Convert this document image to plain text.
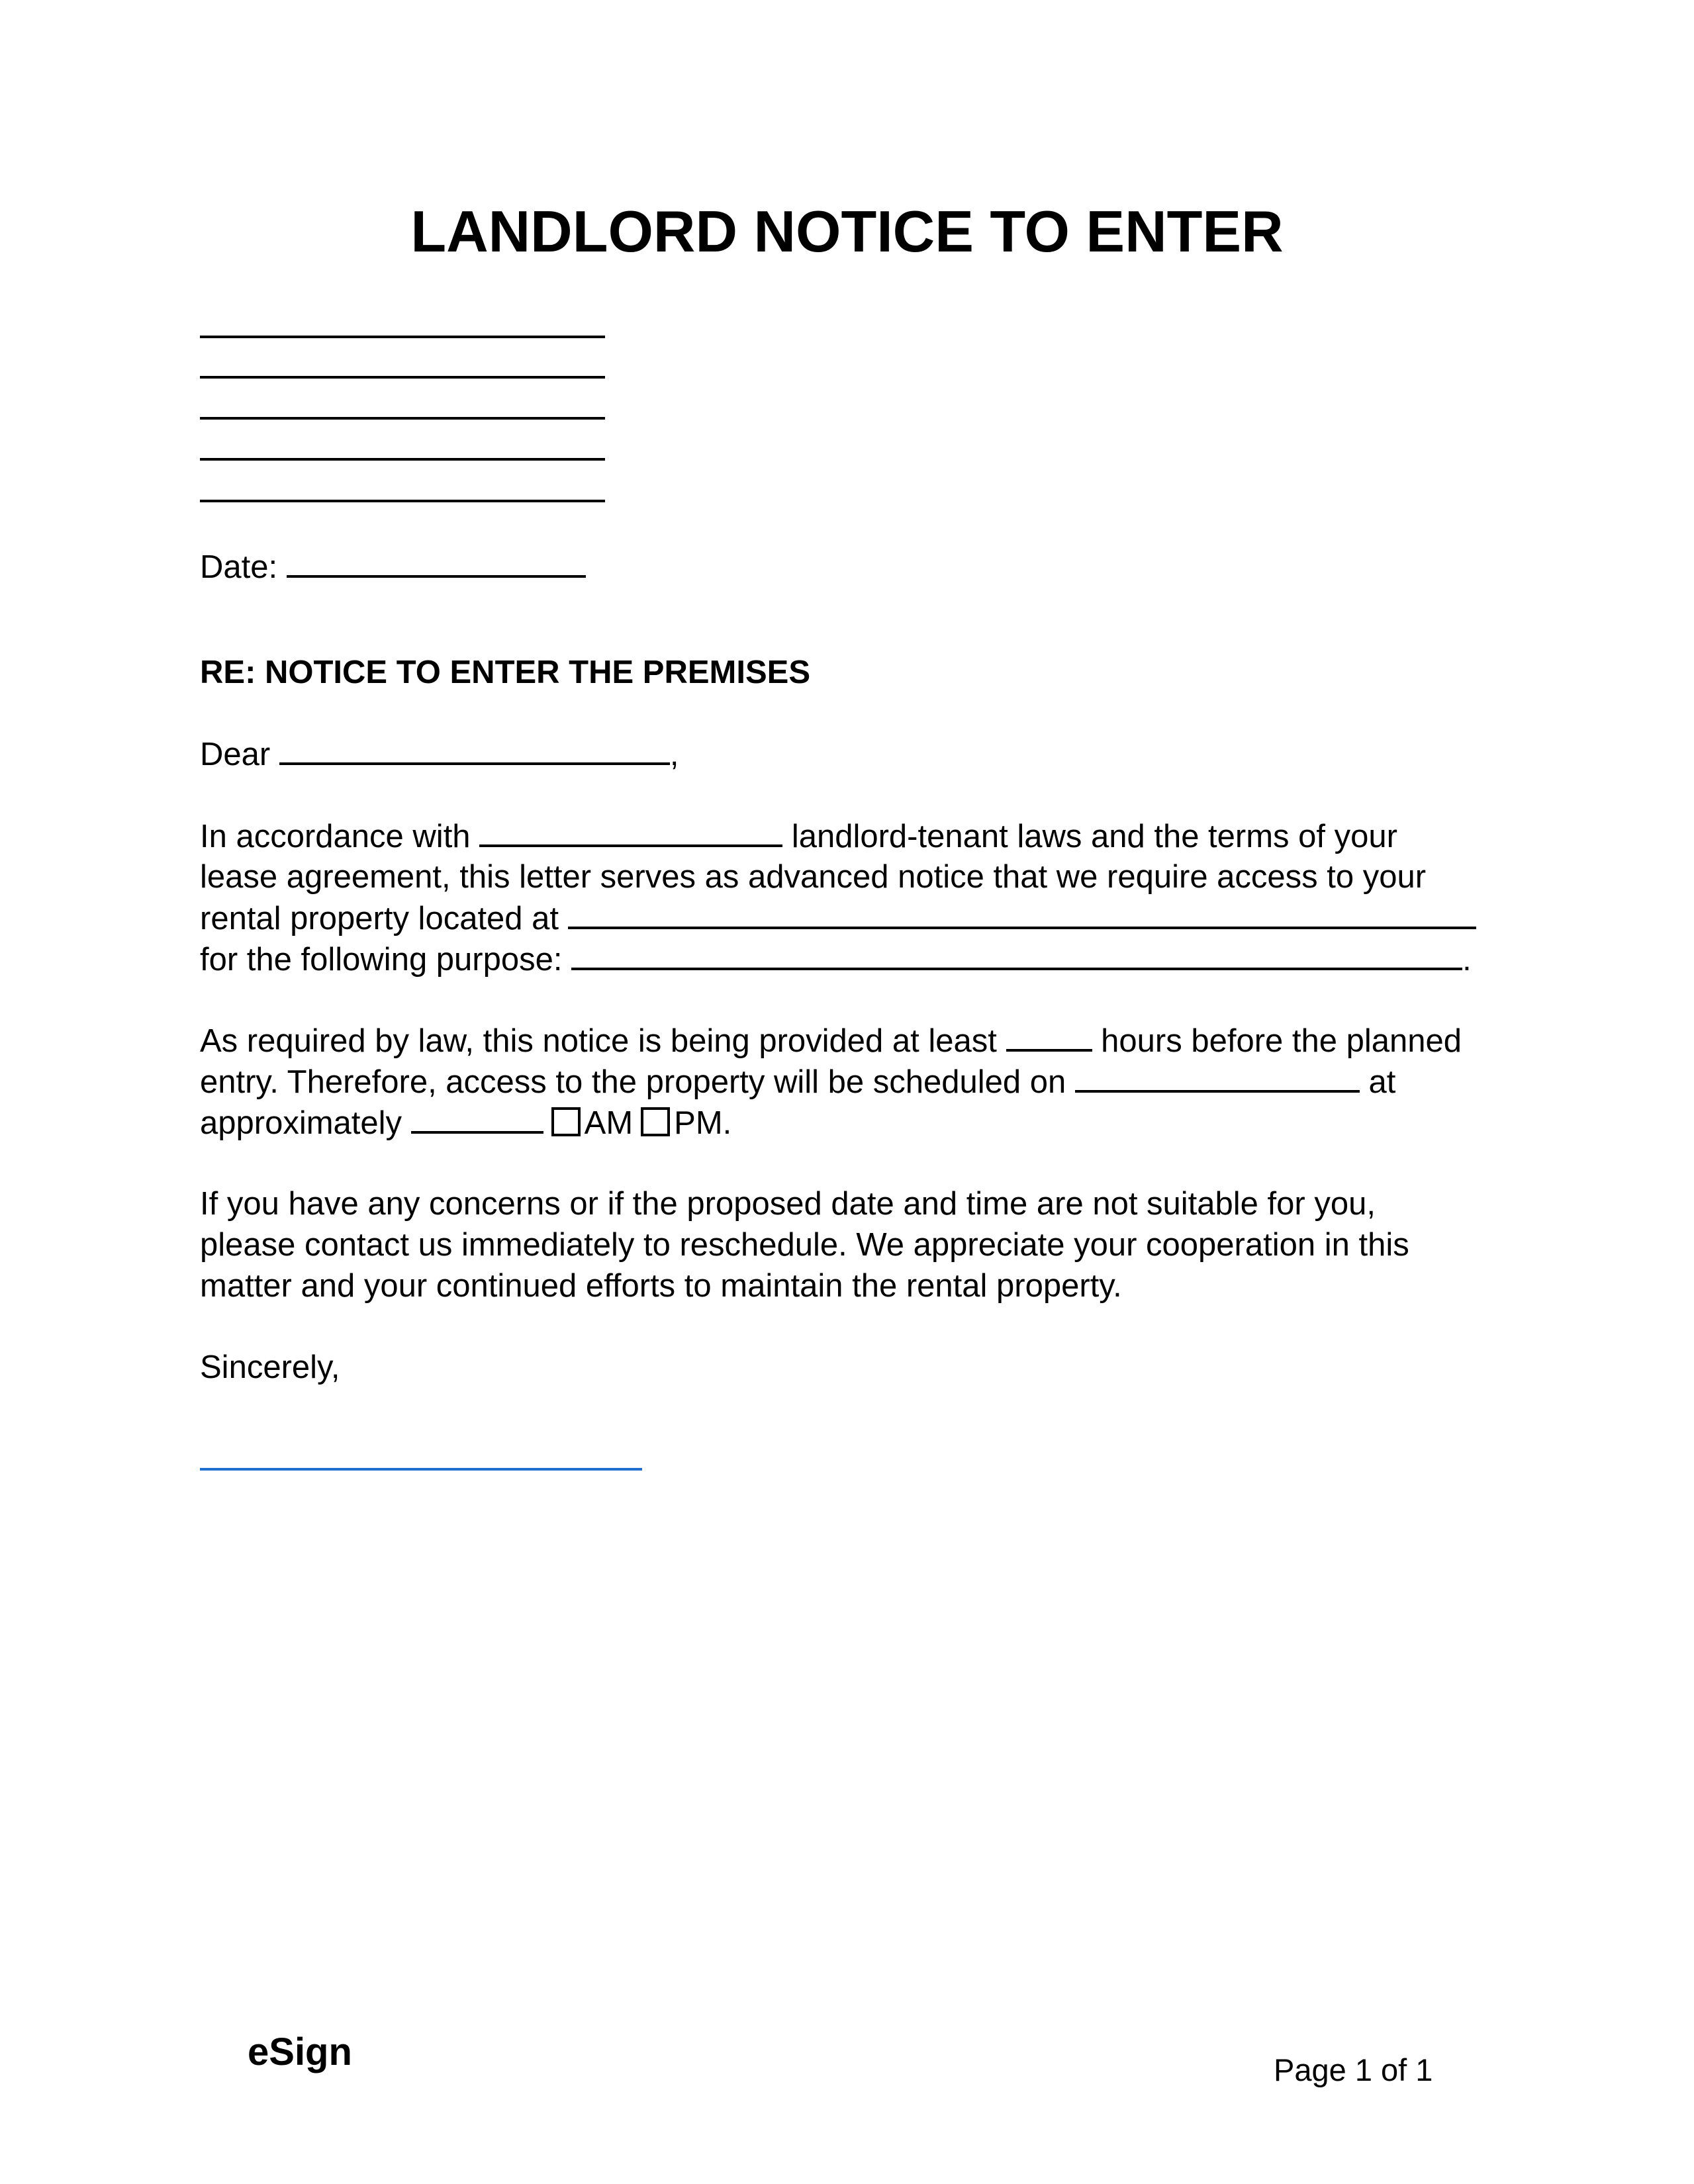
LANDLORD NOTICE TO ENTER

Date:

RE: NOTICE TO ENTER THE PREMISES

Dear	,

In accordance with	landlord-tenant laws and the terms of your

lease agreement, this letter serves as advanced notice that we require access to your

rental property located at

for the following purpose:	.

As required by law, this notice is being provided at least	hours before the planned

entry. Therefore, access to the property will be scheduled on	at

approximately	AM PM.

If you have any concerns or if the proposed date and time are not suitable for you,

please contact us immediately to reschedule. We appreciate your cooperation in this

matter and your continued efforts to maintain the rental property.

Sincerely,

eSign	Page 1 of 1
